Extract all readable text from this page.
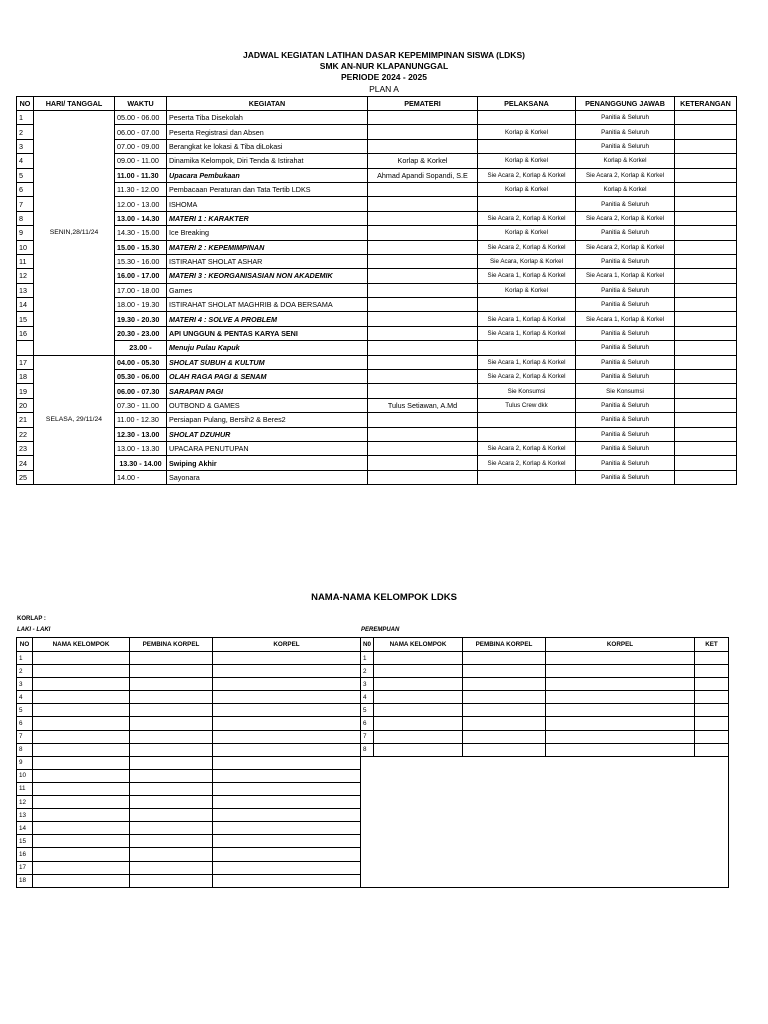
JADWAL KEGIATAN LATIHAN DASAR KEPEMIMPINAN SISWA (LDKS)
SMK AN-NUR KLAPANUNGGAL
PERIODE 2024 - 2025
PLAN A
NO	HARI/ TANGGAL	WAKTU	KEGIATAN	PEMATERI	PELAKSANA	PENANGGUNG JAWAB	KETERANGAN
1	SENIN,28/11/24	05.00 - 06.00	Peserta Tiba Disekolah			Panitia & Seluruh	
2		06.00 - 07.00	Peserta Registrasi dan Absen		Korlap & Korkel	Panitia & Seluruh	
3		07.00 - 09.00	Berangkat ke lokasi & Tiba diLokasi			Panitia & Seluruh	
4		09.00 - 11.00	Dinamika Kelompok, Diri Tenda & Istirahat	Korlap & Korkel	Korlap & Korkel	Korlap & Korkel	
5		11.00 - 11.30	Upacara Pembukaan	Ahmad Apandi Sopandi, S.E	Sie Acara 2, Korlap & Korkel	Sie Acara 2, Korlap & Korkel	
6		11.30 - 12.00	Pembacaan Peraturan dan Tata Tertib LDKS		Korlap & Korkel	Korlap & Korkel	
7		12.00 - 13.00	ISHOMA			Panitia & Seluruh	
8		13.00 - 14.30	MATERI 1 : KARAKTER		Sie Acara 2, Korlap & Korkel	Sie Acara 2, Korlap & Korkel	
9		14.30 - 15.00	Ice Breaking		Korlap & Korkel	Panitia & Seluruh	
10		15.00 - 15.30	MATERI 2 : KEPEMIMPINAN		Sie Acara 2, Korlap & Korkel	Sie Acara 2, Korlap & Korkel	
11		15.30 - 16.00	ISTIRAHAT SHOLAT ASHAR		Sie Acara, Korlap & Korkel	Panitia & Seluruh	
12		16.00 - 17.00	MATERI 3 : KEORGANISASIAN NON AKADEMIK		Sie Acara 1, Korlap & Korkel	Sie Acara 1, Korlap & Korkel	
13		17.00 - 18.00	Games		Korlap & Korkel	Panitia & Seluruh	
14		18.00 - 19.30	ISTIRAHAT SHOLAT MAGHRIB & DOA BERSAMA			Panitia & Seluruh	
15		19.30 - 20.30	MATERI 4 : SOLVE A PROBLEM		Sie Acara 1, Korlap & Korkel	Sie Acara 1, Korlap & Korkel	
16		20.30 - 23.00	API UNGGUN & PENTAS KARYA SENI		Sie Acara 1, Korlap & Korkel	Panitia & Seluruh	
		23.00 -	Menuju Pulau Kapuk			Panitia & Seluruh	
17	SELASA, 29/11/24	04.00 - 05.30	SHOLAT SUBUH & KULTUM		Sie Acara 1, Korlap & Korkel	Panitia & Seluruh	
18		05.30 - 06.00	OLAH RAGA PAGI & SENAM		Sie Acara 2, Korlap & Korkel	Panitia & Seluruh	
19		06.00 - 07.30	SARAPAN PAGI		Sie Konsumsi	Sie Konsumsi	
20		07.30 - 11.00	OUTBOND & GAMES	Tulus Setiawan, A.Md	Tulus Crew dkk	Panitia & Seluruh	
21		11.00 - 12.30	Persiapan Pulang, Bersih2 & Beres2			Panitia & Seluruh	
22		12.30 - 13.00	SHOLAT DZUHUR			Panitia & Seluruh	
23		13.00 - 13.30	UPACARA PENUTUPAN		Sie Acara 2, Korlap & Korkel	Panitia & Seluruh	
24		13.30 - 14.00	Swiping Akhir		Sie Acara 2, Korlap & Korkel	Panitia & Seluruh	
25		14.00 -	Sayonara			Panitia & Seluruh	
NAMA-NAMA KELOMPOK LDKS
KORLAP :
LAKI - LAKI	PEREMPUAN
NO	NAMA KELOMPOK	PEMBINA KORPEL	KORPEL
1			
2			
3			
4			
5			
6			
7			
8			
9			
10			
11			
12			
13			
14			
15			
16			
17			
18			
N0	NAMA KELOMPOK	PEMBINA KORPEL	KORPEL	KET
1				
2				
3				
4				
5				
6				
7				
8				
